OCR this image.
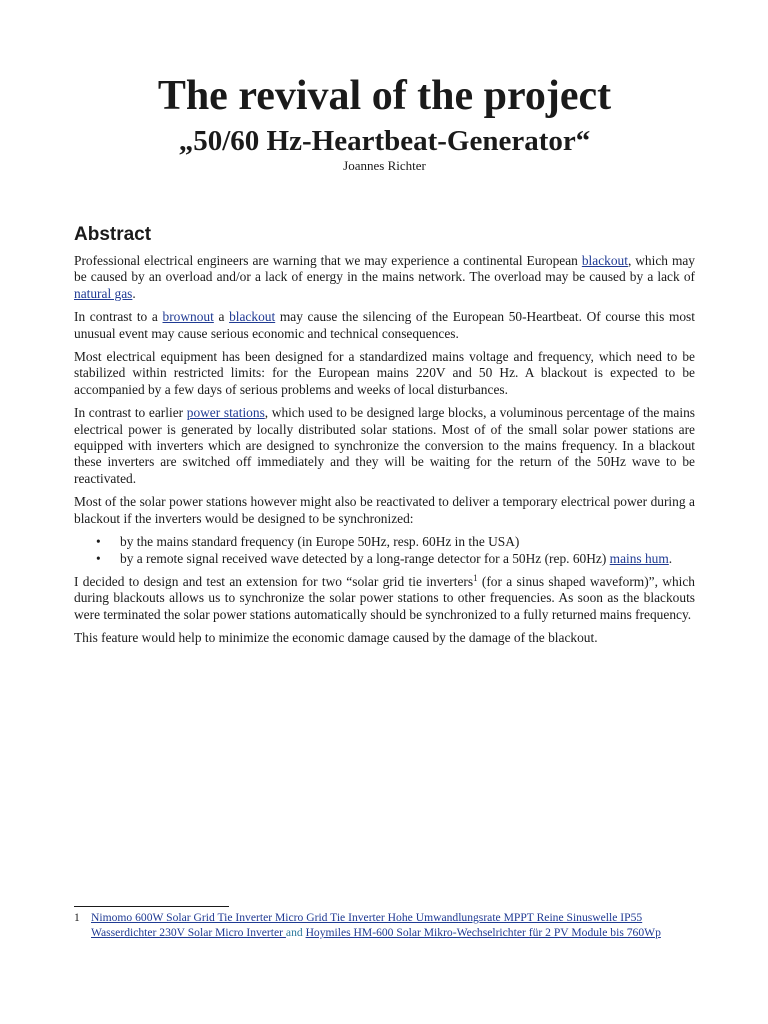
The revival of the project
„50/60 Hz-Heartbeat-Generator“
Joannes Richter
Abstract

Professional electrical engineers are warning that we may experience a continental European blackout, which may be caused by an overload and/or a lack of energy in the mains network. The overload may be caused by a lack of natural gas.

In contrast to a brownout a blackout may cause the silencing of the European 50-Heartbeat. Of course this most unusual event may cause serious economic and technical consequences.

Most electrical equipment has been designed for a standardized mains voltage and frequency, which need to be stabilized within restricted limits: for the European mains 220V and 50 Hz. A blackout is expected to be accompanied by a few days of serious problems and weeks of local disturbances.

In contrast to earlier power stations, which used to be designed large blocks, a voluminous percentage of the mains electrical power is generated by locally distributed solar stations. Most of of the small solar power stations are equipped with inverters which are designed to synchronize the conversion to the mains frequency. In a blackout these inverters are switched off immediately and they will be waiting for the return of the 50Hz wave to be reactivated.

Most of the solar power stations however might also be reactivated to deliver a temporary electrical power during a blackout if the inverters would be designed to be synchronized:

• by the mains standard frequency (in Europe 50Hz, resp. 60Hz in the USA)
• by a remote signal received wave detected by a long-range detector for a 50Hz (rep. 60Hz) mains hum.

I decided to design and test an extension for two “solar grid tie inverters$^1$ (for a sinus shaped waveform)”, which during blackouts allows us to synchronize the solar power stations to other frequencies. As soon as the blackouts were terminated the solar power stations automatically should be synchronized to a fully returned mains frequency.

This feature would help to minimize the economic damage caused by the damage of the blackout.

1 Nimomo 600W Solar Grid Tie Inverter Micro Grid Tie Inverter Hohe Umwandlungsrate MPPT Reine Sinuswelle IP55 Wasserdichter 230V Solar Micro Inverter and Hoymiles HM-600 Solar Mikro-Wechselrichter für 2 PV Module bis 760Wp
